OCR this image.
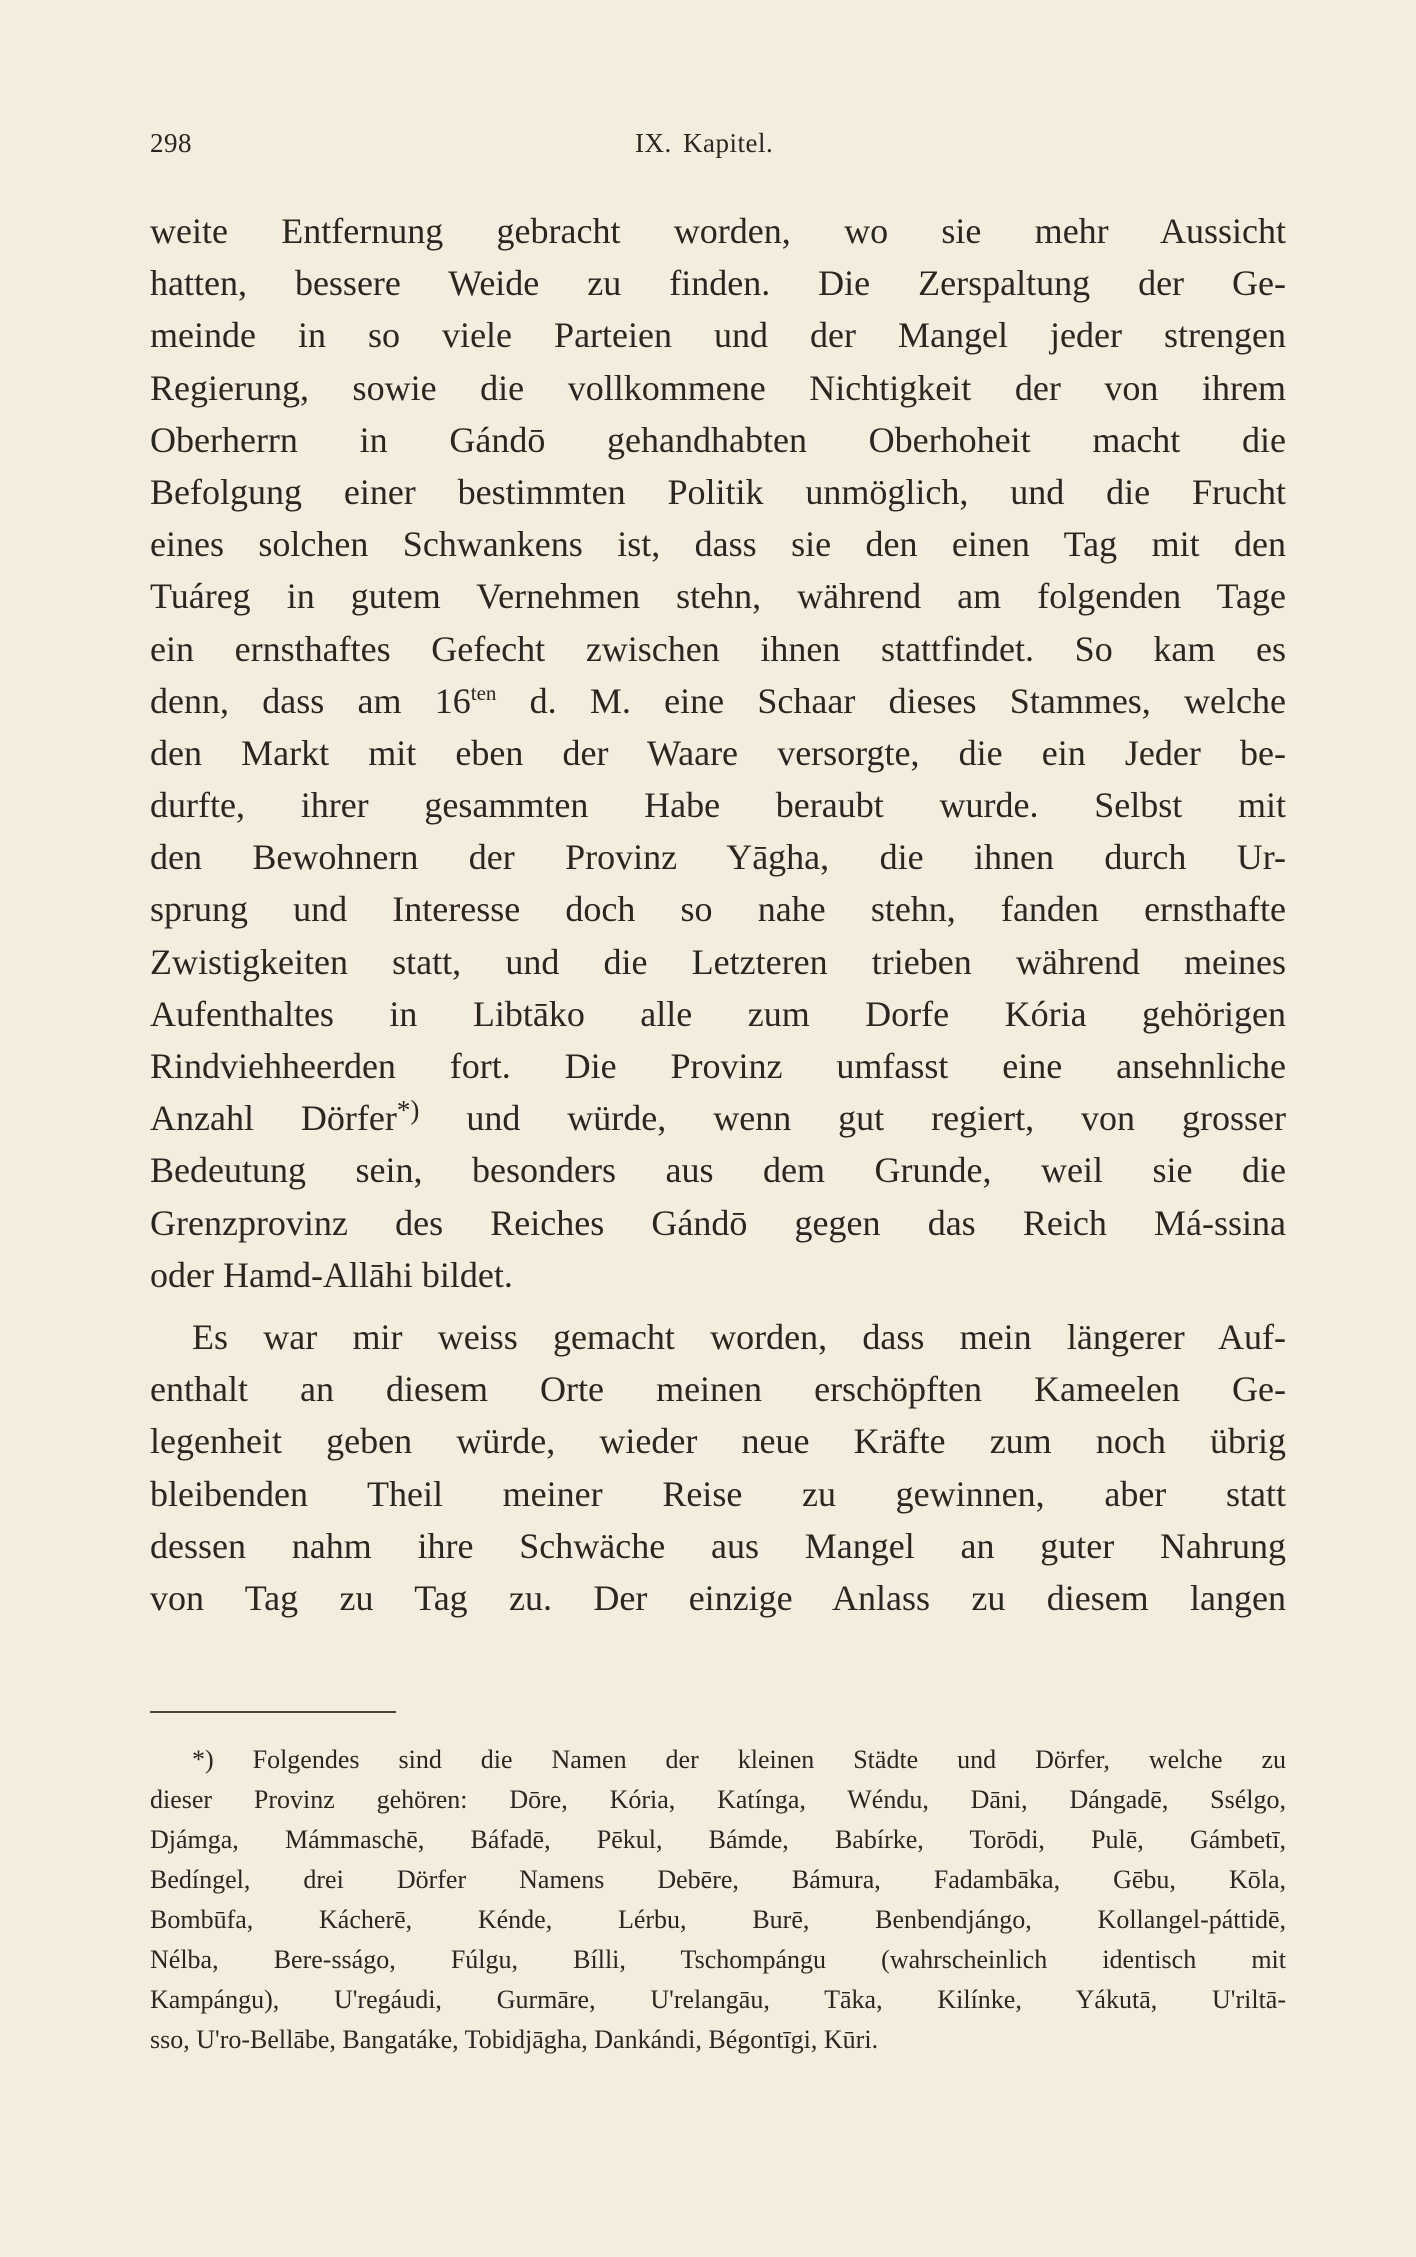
298	IX. Kapitel.
weite Entfernung gebracht worden, wo sie mehr Aussicht
hatten, bessere Weide zu finden. Die Zerspaltung der Ge-
meinde in so viele Parteien und der Mangel jeder strengen
Regierung, sowie die vollkommene Nichtigkeit der von ihrem
Oberherrn in Gándō gehandhabten Oberhoheit macht die
Befolgung einer bestimmten Politik unmöglich, und die Frucht
eines solchen Schwankens ist, dass sie den einen Tag mit den
Tuáreg in gutem Vernehmen stehn, während am folgenden Tage
ein ernsthaftes Gefecht zwischen ihnen stattfindet. So kam es
denn, dass am $16^{ten}$ d. M. eine Schaar dieses Stammes, welche
den Markt mit eben der Waare versorgte, die ein Jeder be-
durfte, ihrer gesammten Habe beraubt wurde. Selbst mit
den Bewohnern der Provinz Yāgha, die ihnen durch Ur-
sprung und Interesse doch so nahe stehn, fanden ernsthafte
Zwistigkeiten statt, und die Letzteren trieben während meines
Aufenthaltes in Libtāko alle zum Dorfe Kória gehörigen
Rindviehheerden fort. Die Provinz umfasst eine ansehnliche
Anzahl Dörfer*) und würde, wenn gut regiert, von grosser
Bedeutung sein, besonders aus dem Grunde, weil sie die
Grenzprovinz des Reiches Gándō gegen das Reich Má-ssina
oder Hamd-Allāhi bildet.
Es war mir weiss gemacht worden, dass mein längerer Auf-
enthalt an diesem Orte meinen erschöpften Kameelen Ge-
legenheit geben würde, wieder neue Kräfte zum noch übrig
bleibenden Theil meiner Reise zu gewinnen, aber statt
dessen nahm ihre Schwäche aus Mangel an guter Nahrung
von Tag zu Tag zu. Der einzige Anlass zu diesem langen
*) Folgendes sind die Namen der kleinen Städte und Dörfer, welche zu
dieser Provinz gehören: Dōre, Kória, Katínga, Wéndu, Dāni, Dángadē, Ssélgo,
Djámga, Mámmaschē, Báfadē, Pēkul, Bámde, Babírke, Torōdi, Pulē, Gámbetī,
Bedíngel, drei Dörfer Namens Debēre, Bámura, Fadambāka, Gēbu, Kōla,
Bombūfa, Kácherē, Kénde, Lérbu, Burē, Benbendjángo, Kollangel-páttidē,
Nélba, Bere-sságo, Fúlgu, Bílli, Tschompángu (wahrscheinlich identisch mit
Kampángu), U'regáudi, Gurmāre, U'relangāu, Tāka, Kilínke, Yákutā, U'riltā-
sso, U'ro-Bellābe, Bangatáke, Tobidjāgha, Dankándi, Bégontīgi, Kūri.
